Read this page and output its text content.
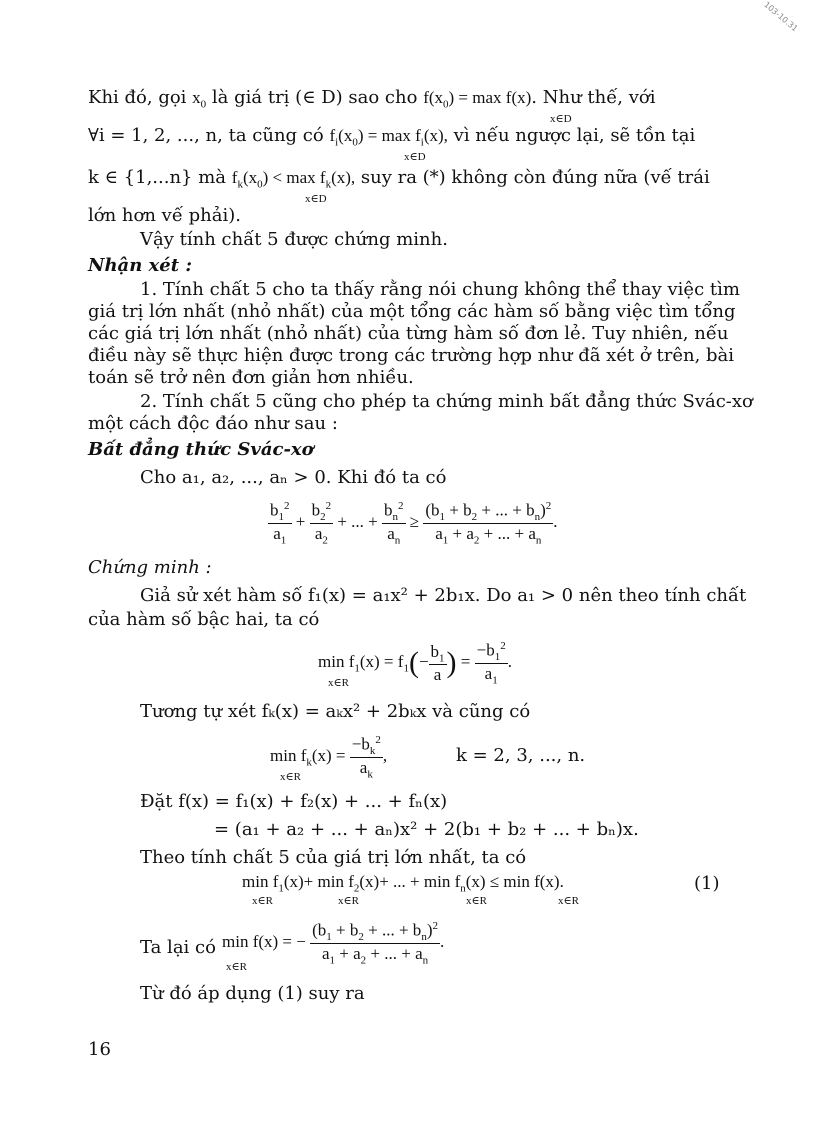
103-10.31
Khi đó, gọi $x_0$ là giá trị (∈ D) sao cho $f(x_0) = \max f(x)$. Như thế, với
x∈D
∀i = 1, 2, ..., n, ta cũng có $f_i(x_0) = \max f_i(x)$, vì nếu ngược lại, sẽ tồn tại
x∈D
k ∈ {1,...n} mà $f_k(x_0) < \max f_k(x)$, suy ra (*) không còn đúng nữa (vế trái
x∈D
lớn hơn vế phải).
Vậy tính chất 5 được chứng minh.
Nhận xét :
1. Tính chất 5 cho ta thấy rằng nói chung không thể thay việc tìm
giá trị lớn nhất (nhỏ nhất) của một tổng các hàm số bằng việc tìm tổng
các giá trị lớn nhất (nhỏ nhất) của từng hàm số đơn lẻ. Tuy nhiên, nếu
điều này sẽ thực hiện được trong các trường hợp như đã xét ở trên, bài
toán sẽ trở nên đơn giản hơn nhiều.
2. Tính chất 5 cũng cho phép ta chứng minh bất đẳng thức Svác-xơ
một cách độc đáo như sau :
Bất đẳng thức Svác-xơ
Cho a₁, a₂, ..., aₙ > 0. Khi đó ta có
$\frac{b_1^2}{a_1} + \frac{b_2^2}{a_2}$ + ... + $\frac{b_n^2}{a_n} \ge \frac{(b_1 + b_2 + ... + b_n)^2}{a_1 + a_2 + ... + a_n}$ .
Chứng minh :
Giả sử xét hàm số f₁(x) = a₁x² + 2b₁x. Do a₁ > 0 nên theo tính chất
của hàm số bậc hai, ta có
$\min f_1(x) = f_1(- \frac{b_1}{a}$ ) = $\frac{-b_1^2}{a_1}$ .
x∈R
Tương tự xét fₖ(x) = aₖx² + 2bₖx và cũng có
$\min f_k(x) = \frac{-b_k^2}{a_k}$ ,	k = 2, 3, ..., n.
x∈R
Đặt f(x) = f₁(x) + f₂(x) + ... + fₙ(x)
= (a₁ + a₂ + ... + aₙ)x² + 2(b₁ + b₂ + ... + bₙ)x.
Theo tính chất 5 của giá trị lớn nhất, ta có
$\min f_1(x)+ \min f_2(x)+$ ... + $\min f_n(x) \le \min f(x)$.
x∈R	x∈R	x∈R	x∈R
(1)
Ta lại có min f(x) = − $\frac{(b_1 + b_2 + ... + b_n)^2}{a_1 + a_2 + ... + a_n}$ .
x∈R
Từ đó áp dụng (1) suy ra
16
